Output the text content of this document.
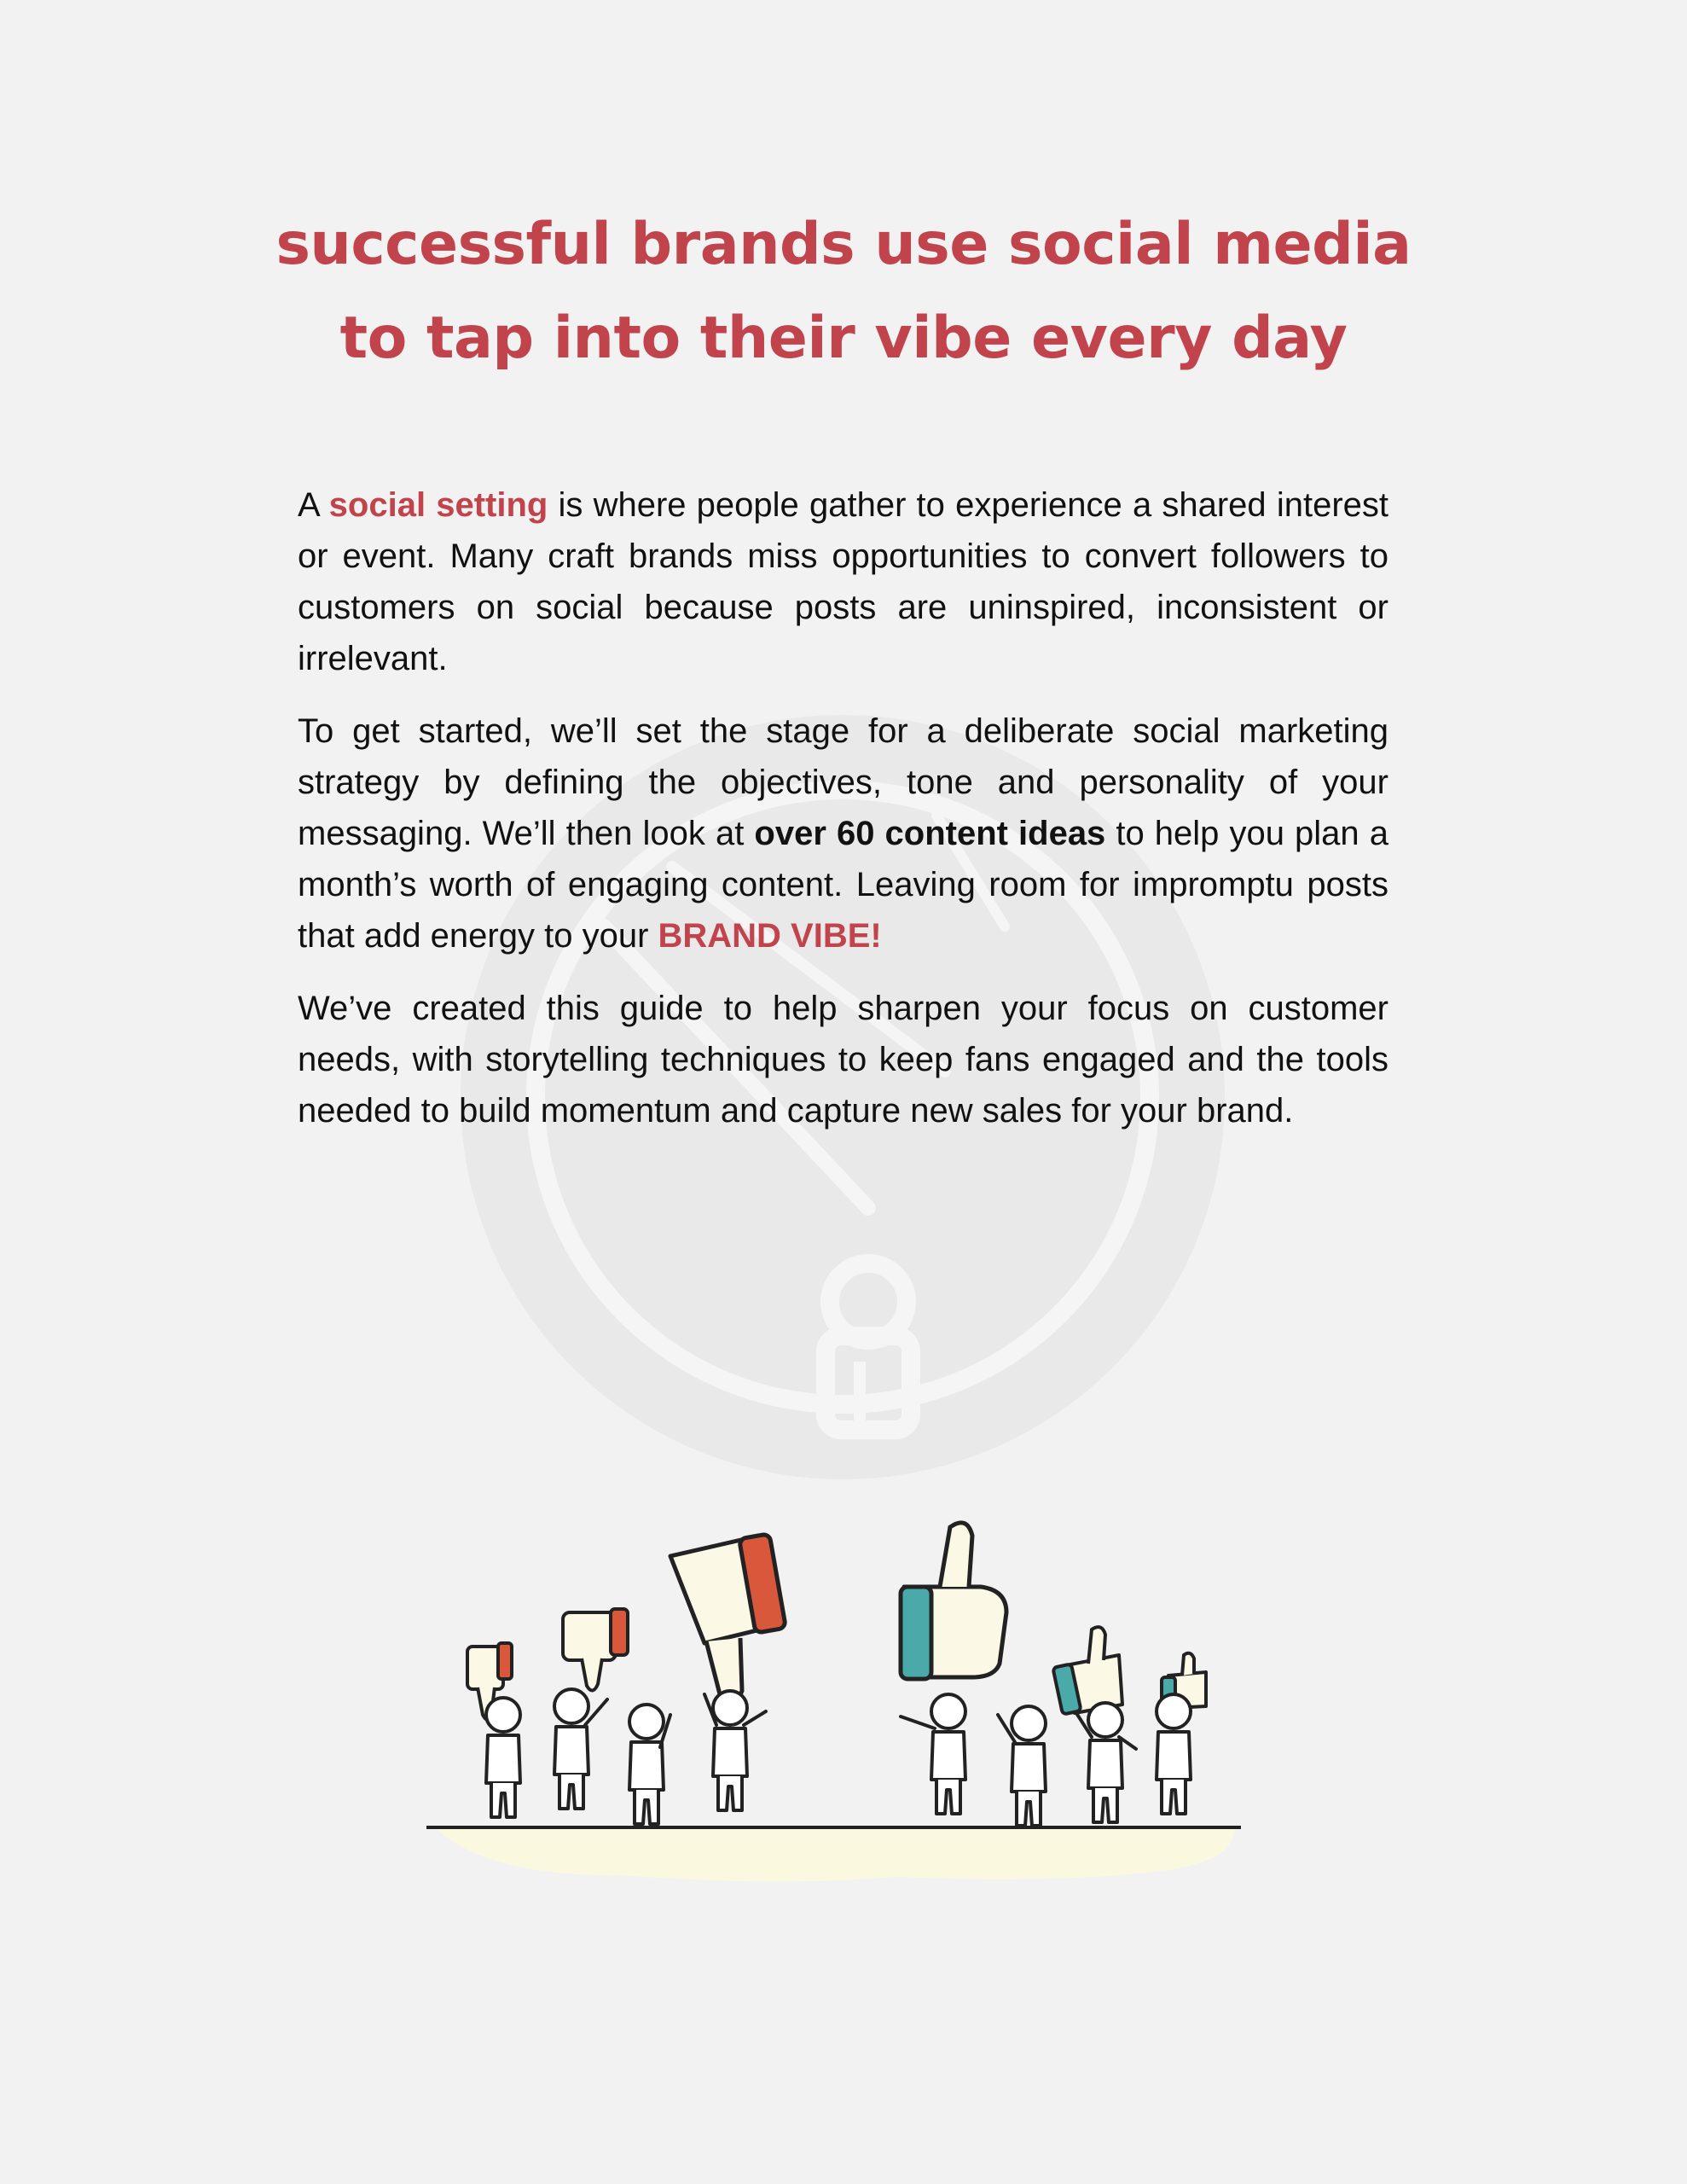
successful brands use social media
to tap into their vibe every day

A social setting is where people gather to experience a shared interest or event. Many craft brands miss opportunities to convert followers to customers on social because posts are uninspired, inconsistent or irrelevant.

To get started, we’ll set the stage for a deliberate social marketing strategy by defining the objectives, tone and personality of your messaging. We’ll then look at over 60 content ideas to help you plan a month’s worth of engaging content. Leaving room for impromptu posts that add energy to your BRAND VIBE!

We’ve created this guide to help sharpen your focus on customer needs, with storytelling techniques to keep fans engaged and the tools needed to build momentum and capture new sales for your brand.
